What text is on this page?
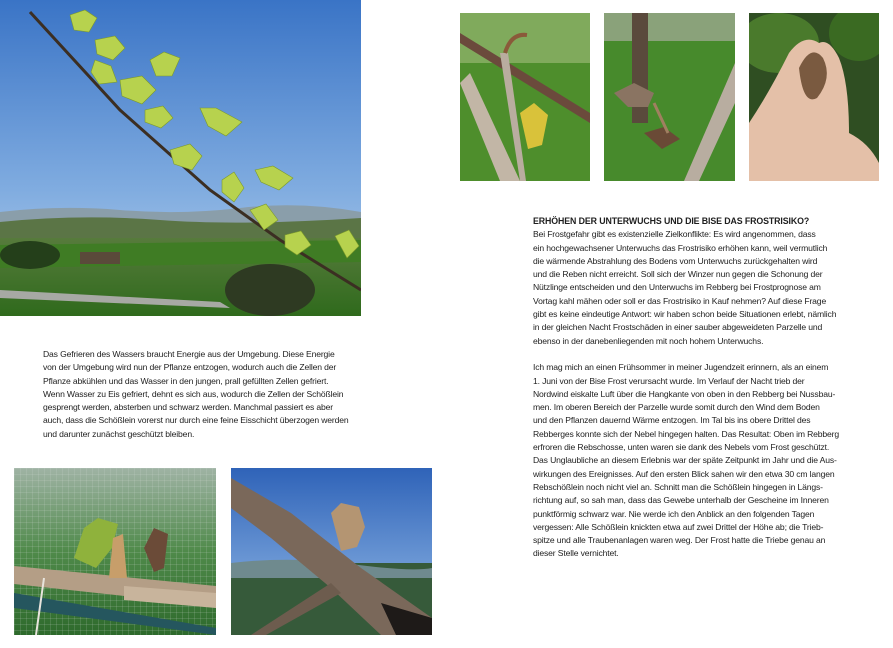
Das Gefrieren des Wassers braucht Energie aus der Umgebung. Diese Energie
von der Umgebung wird nun der Pflanze entzogen, wodurch auch die Zellen der
Pflanze abkühlen und das Wasser in den jungen, prall gefüllten Zellen gefriert.
Wenn Wasser zu Eis gefriert, dehnt es sich aus, wodurch die Zellen der Schößlein
gesprengt werden, absterben und schwarz werden. Manchmal passiert es aber
auch, dass die Schößlein vorerst nur durch eine feine Eisschicht überzogen werden
und darunter zunächst geschützt bleiben.
ERHÖHEN DER UNTERWUCHS UND DIE BISE DAS FROSTRISIKO?
Bei Frostgefahr gibt es existenzielle Zielkonflikte: Es wird angenommen, dass
ein hochgewachsener Unterwuchs das Frostrisiko erhöhen kann, weil vermutlich
die wärmende Abstrahlung des Bodens vom Unterwuchs zurückgehalten wird
und die Reben nicht erreicht. Soll sich der Winzer nun gegen die Schonung der
Nützlinge entscheiden und den Unterwuchs im Rebberg bei Frostprognose am
Vortag kahl mähen oder soll er das Frostrisiko in Kauf nehmen? Auf diese Frage
gibt es keine eindeutige Antwort: wir haben schon beide Situationen erlebt, nämlich
in der gleichen Nacht Frostschäden in einer sauber abgeweideten Parzelle und
ebenso in der danebenliegenden mit noch hohem Unterwuchs.
Ich mag mich an einen Frühsommer in meiner Jugendzeit erinnern, als an einem
1. Juni von der Bise Frost verursacht wurde. Im Verlauf der Nacht trieb der
Nordwind eiskalte Luft über die Hangkante von oben in den Rebberg bei Nussbau-
men. Im oberen Bereich der Parzelle wurde somit durch den Wind dem Boden
und den Pflanzen dauernd Wärme entzogen. Im Tal bis ins obere Drittel des
Rebberges konnte sich der Nebel hingegen halten. Das Resultat: Oben im Rebberg
erfroren die Rebschosse, unten waren sie dank des Nebels vom Frost geschützt.
Das Unglaubliche an diesem Erlebnis war der späte Zeitpunkt im Jahr und die Aus-
wirkungen des Ereignisses. Auf den ersten Blick sahen wir den etwa 30 cm langen
Rebschößlein noch nicht viel an. Schnitt man die Schößlein hingegen in Längs-
richtung auf, so sah man, dass das Gewebe unterhalb der Gescheine im Inneren
punktförmig schwarz war. Nie werde ich den Anblick an den folgenden Tagen
vergessen: Alle Schößlein knickten etwa auf zwei Drittel der Höhe ab; die Trieb-
spitze und alle Traubenanlagen waren weg. Der Frost hatte die Triebe genau an
dieser Stelle vernichtet.
